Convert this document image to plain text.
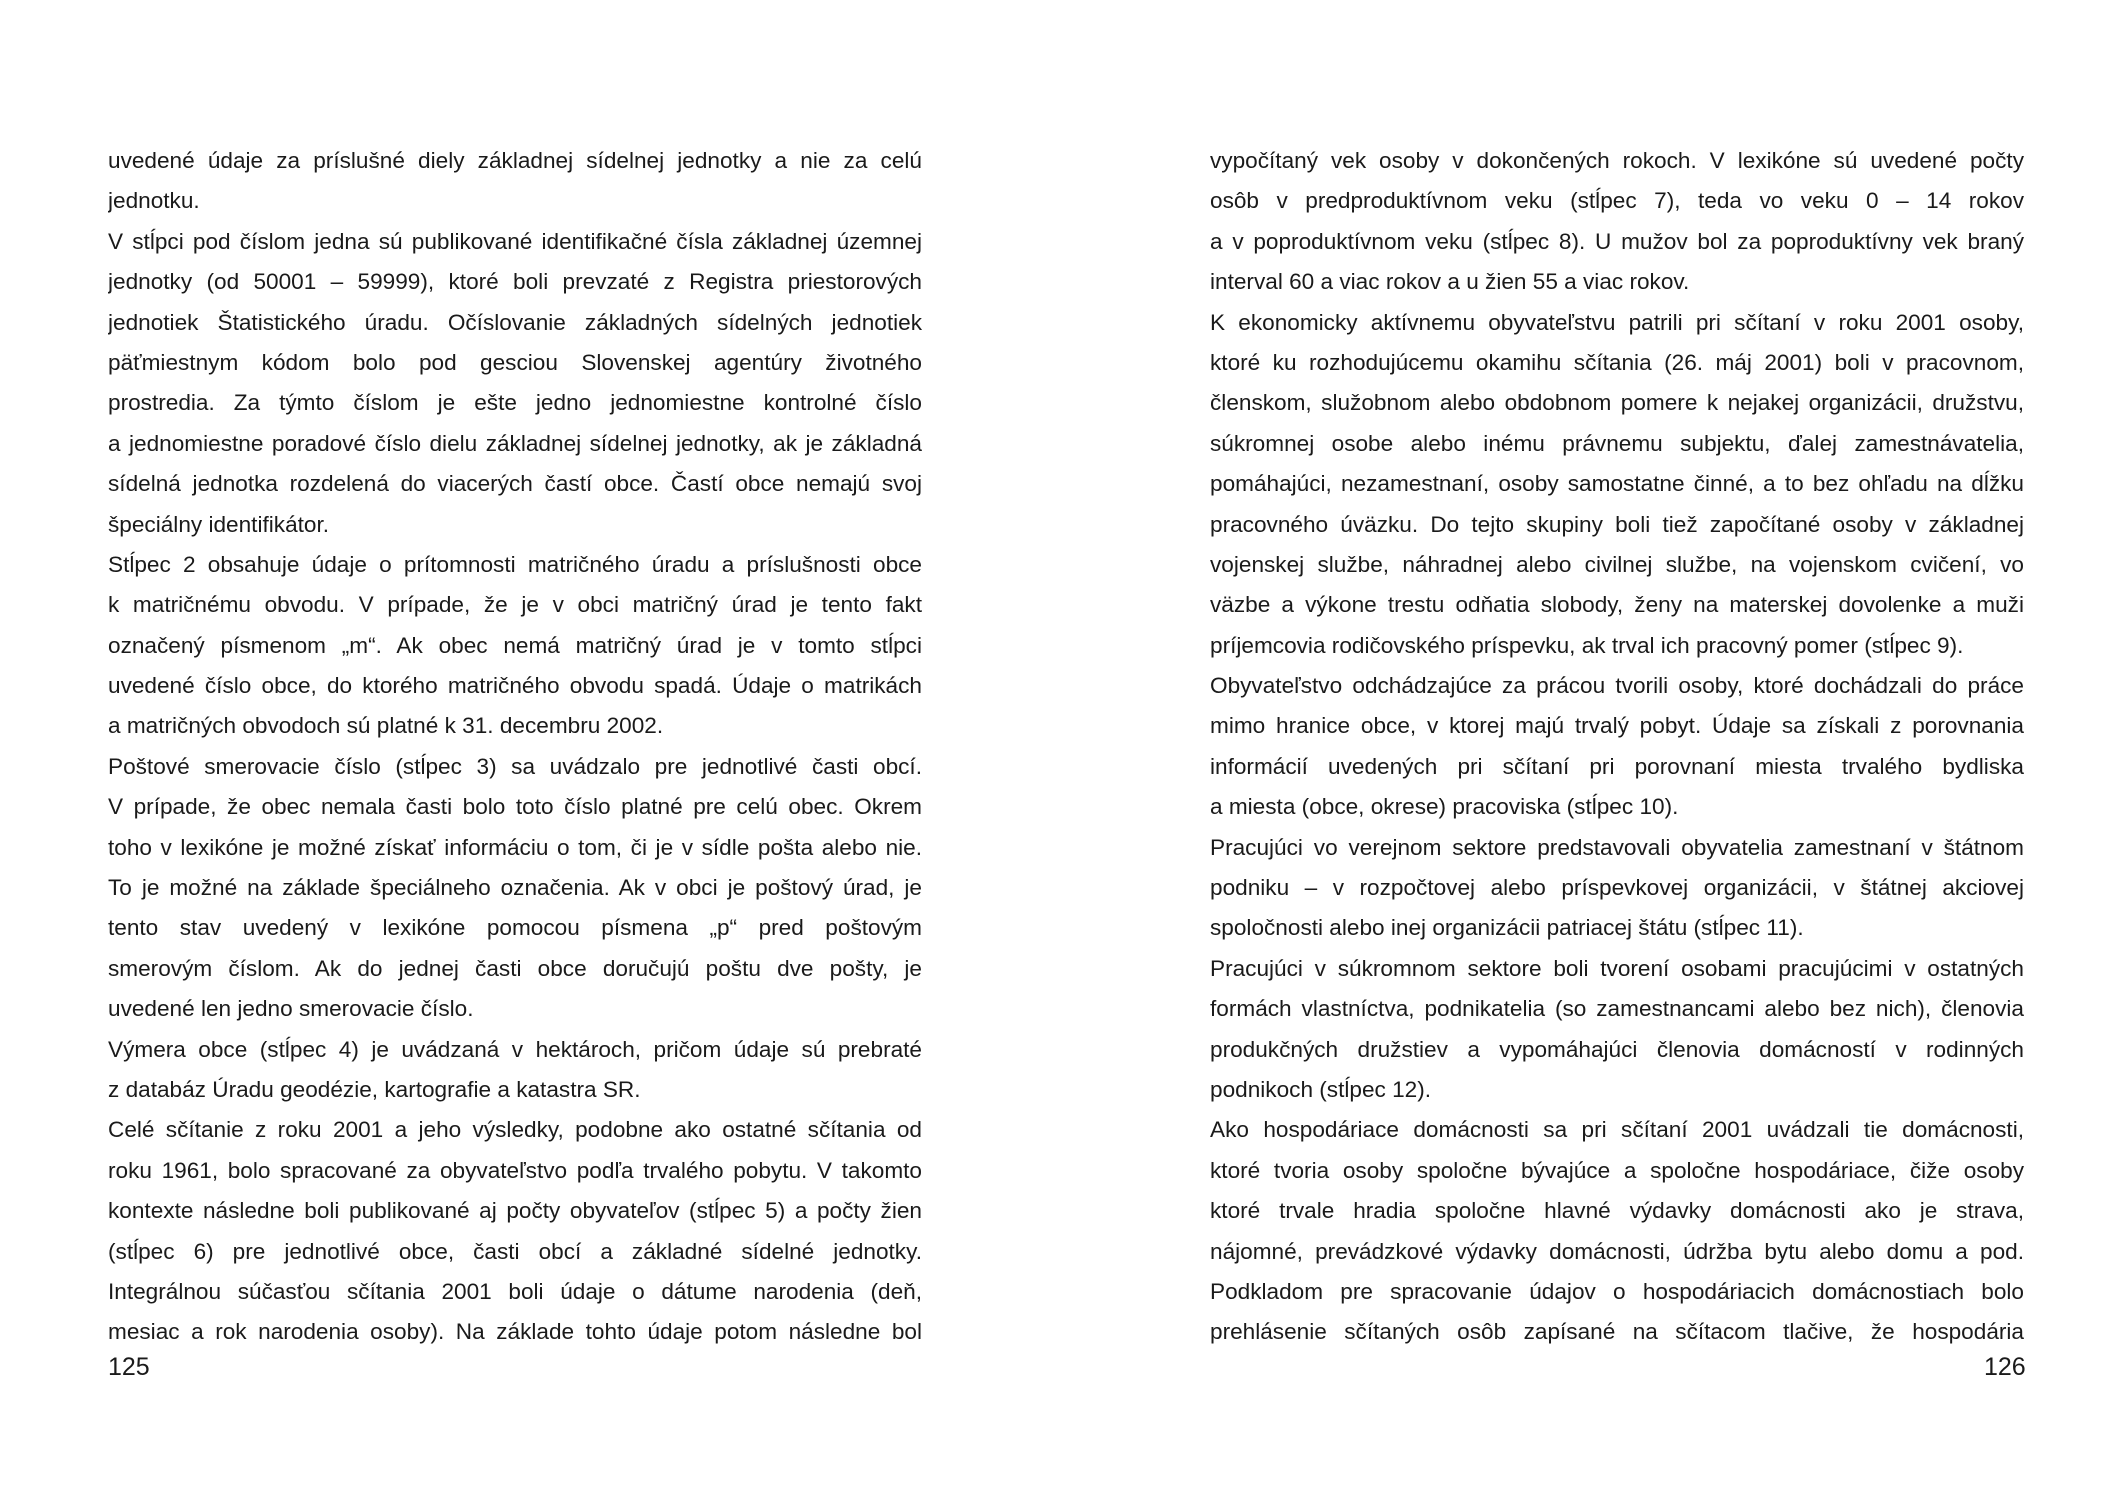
uvedené údaje za príslušné diely základnej sídelnej jednotky a nie za celú
jednotku.
V stĺpci pod číslom jedna sú publikované identifikačné čísla základnej územnej
jednotky (od 50001 – 59999), ktoré boli prevzaté z Registra priestorových
jednotiek Štatistického úradu. Očíslovanie základných sídelných jednotiek
päťmiestnym kódom bolo pod gesciou Slovenskej agentúry životného
prostredia. Za týmto číslom je ešte jedno jednomiestne kontrolné číslo
a jednomiestne poradové číslo dielu základnej sídelnej jednotky, ak je základná
sídelná jednotka rozdelená do viacerých častí obce. Častí obce nemajú svoj
špeciálny identifikátor.
Stĺpec 2 obsahuje údaje o prítomnosti matričného úradu a príslušnosti obce
k matričnému obvodu. V prípade, že je v obci matričný úrad je tento fakt
označený písmenom „m“. Ak obec nemá matričný úrad je v tomto stĺpci
uvedené číslo obce, do ktorého matričného obvodu spadá. Údaje o matrikách
a matričných obvodoch sú platné k 31. decembru 2002.
Poštové smerovacie číslo (stĺpec 3) sa uvádzalo pre jednotlivé časti obcí.
V prípade, že obec nemala časti bolo toto číslo platné pre celú obec. Okrem
toho v lexikóne je možné získať informáciu o tom, či je v sídle pošta alebo nie.
To je možné na základe špeciálneho označenia. Ak v obci je poštový úrad, je
tento stav uvedený v lexikóne pomocou písmena „p“ pred poštovým
smerovým číslom. Ak do jednej časti obce doručujú poštu dve pošty, je
uvedené len jedno smerovacie číslo.
Výmera obce (stĺpec 4) je uvádzaná v hektároch, pričom údaje sú prebraté
z databáz Úradu geodézie, kartografie a katastra SR.
Celé sčítanie z roku 2001 a jeho výsledky, podobne ako ostatné sčítania od
roku 1961, bolo spracované za obyvateľstvo podľa trvalého pobytu. V takomto
kontexte následne boli publikované aj počty obyvateľov (stĺpec 5) a počty žien
(stĺpec 6) pre jednotlivé obce, časti obcí a základné sídelné jednotky.
Integrálnou súčasťou sčítania 2001 boli údaje o dátume narodenia (deň,
mesiac a rok narodenia osoby). Na základe tohto údaje potom následne bol
vypočítaný vek osoby v dokončených rokoch. V lexikóne sú uvedené počty
osôb v predproduktívnom veku (stĺpec 7), teda vo veku 0 – 14 rokov
a v poproduktívnom veku (stĺpec 8). U mužov bol za poproduktívny vek braný
interval 60 a viac rokov a u žien 55 a viac rokov.
K ekonomicky aktívnemu obyvateľstvu patrili pri sčítaní v roku 2001 osoby,
ktoré ku rozhodujúcemu okamihu sčítania (26. máj 2001) boli v pracovnom,
členskom, služobnom alebo obdobnom pomere k nejakej organizácii, družstvu,
súkromnej osobe alebo inému právnemu subjektu, ďalej zamestnávatelia,
pomáhajúci, nezamestnaní, osoby samostatne činné, a to bez ohľadu na dĺžku
pracovného úväzku. Do tejto skupiny boli tiež započítané osoby v základnej
vojenskej službe, náhradnej alebo civilnej službe, na vojenskom cvičení, vo
väzbe a výkone trestu odňatia slobody, ženy na materskej dovolenke a muži
príjemcovia rodičovského príspevku, ak trval ich pracovný pomer (stĺpec 9).
Obyvateľstvo odchádzajúce za prácou tvorili osoby, ktoré dochádzali do práce
mimo hranice obce, v ktorej majú trvalý pobyt. Údaje sa získali z porovnania
informácií uvedených pri sčítaní pri porovnaní miesta trvalého bydliska
a miesta (obce, okrese) pracoviska (stĺpec 10).
Pracujúci vo verejnom sektore predstavovali obyvatelia zamestnaní v štátnom
podniku – v rozpočtovej alebo príspevkovej organizácii, v štátnej akciovej
spoločnosti alebo inej organizácii patriacej štátu (stĺpec 11).
Pracujúci v súkromnom sektore boli tvorení osobami pracujúcimi v ostatných
formách vlastníctva, podnikatelia (so zamestnancami alebo bez nich), členovia
produkčných družstiev a vypomáhajúci členovia domácností v rodinných
podnikoch (stĺpec 12).
Ako hospodáriace domácnosti sa pri sčítaní 2001 uvádzali tie domácnosti,
ktoré tvoria osoby spoločne bývajúce a spoločne hospodáriace, čiže osoby
ktoré trvale hradia spoločne hlavné výdavky domácnosti ako je strava,
nájomné, prevádzkové výdavky domácnosti, údržba bytu alebo domu a pod.
Podkladom pre spracovanie údajov o hospodáriacich domácnostiach bolo
prehlásenie sčítaných osôb zapísané na sčítacom tlačive, že hospodária
125	126
